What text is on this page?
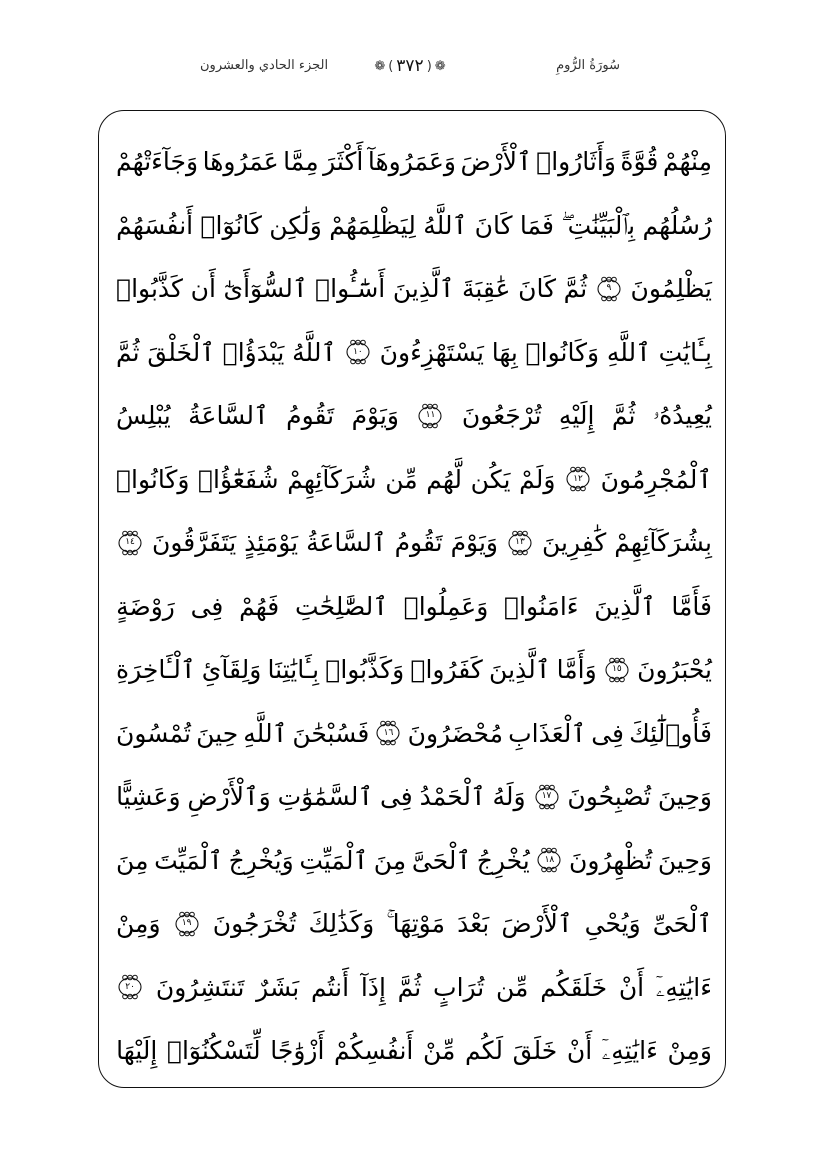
الجزء الحادي والعشرون	❁ ( ٣٧٢ ) ❁	سُورَةُ الرُّومِ
مِنْهُمْ
قُوَّةً
وَأَثَارُوا۟
ٱلْأَرْضَ
وَعَمَرُوهَآ
أَكْثَرَ
مِمَّا
عَمَرُوهَا
وَجَآءَتْهُمْ
رُسُلُهُم
بِٱلْبَيِّنَٰتِ ۖ
فَمَا
كَانَ
ٱللَّهُ
لِيَظْلِمَهُمْ
وَلَٰكِن
كَانُوٓا۟
أَنفُسَهُمْ
يَظْلِمُونَ
٩
ثُمَّ
كَانَ
عَٰقِبَةَ
ٱلَّذِينَ
أَسَٰٓـُٔوا۟
ٱلسُّوٓأَىٰٓ
أَن
كَذَّبُوا۟
بِـَٔايَٰتِ
ٱللَّهِ
وَكَانُوا۟
بِهَا
يَسْتَهْزِءُونَ
١٠
ٱللَّهُ
يَبْدَؤُا۟
ٱلْخَلْقَ
ثُمَّ
يُعِيدُهُۥ
ثُمَّ
إِلَيْهِ
تُرْجَعُونَ
١١
وَيَوْمَ
تَقُومُ
ٱلسَّاعَةُ
يُبْلِسُ
ٱلْمُجْرِمُونَ
١٢
وَلَمْ
يَكُن
لَّهُم
مِّن
شُرَكَآئِهِمْ
شُفَعَٰٓؤُا۟
وَكَانُوا۟
بِشُرَكَآئِهِمْ
كَٰفِرِينَ
١٣
وَيَوْمَ
تَقُومُ
ٱلسَّاعَةُ
يَوْمَئِذٍ
يَتَفَرَّقُونَ
١٤
فَأَمَّا
ٱلَّذِينَ
ءَامَنُوا۟
وَعَمِلُوا۟
ٱلصَّٰلِحَٰتِ
فَهُمْ
فِى
رَوْضَةٍ
يُحْبَرُونَ
١٥
وَأَمَّا
ٱلَّذِينَ
كَفَرُوا۟
وَكَذَّبُوا۟
بِـَٔايَٰتِنَا
وَلِقَآئِ
ٱلْـَٔاخِرَةِ
فَأُو۟لَٰٓئِكَ
فِى
ٱلْعَذَابِ
مُحْضَرُونَ
١٦
فَسُبْحَٰنَ
ٱللَّهِ
حِينَ
تُمْسُونَ
وَحِينَ
تُصْبِحُونَ
١٧
وَلَهُ
ٱلْحَمْدُ
فِى
ٱلسَّمَٰوَٰتِ
وَٱلْأَرْضِ
وَعَشِيًّا
وَحِينَ
تُظْهِرُونَ
١٨
يُخْرِجُ
ٱلْحَىَّ
مِنَ
ٱلْمَيِّتِ
وَيُخْرِجُ
ٱلْمَيِّتَ
مِنَ
ٱلْحَىِّ
وَيُحْىِ
ٱلْأَرْضَ
بَعْدَ
مَوْتِهَا ۚ
وَكَذَٰلِكَ
تُخْرَجُونَ
١٩
وَمِنْ
ءَايَٰتِهِۦٓ
أَنْ
خَلَقَكُم
مِّن
تُرَابٍ
ثُمَّ
إِذَآ
أَنتُم
بَشَرٌ
تَنتَشِرُونَ
٢٠
وَمِنْ
ءَايَٰتِهِۦٓ
أَنْ
خَلَقَ
لَكُم
مِّنْ
أَنفُسِكُمْ
أَزْوَٰجًا
لِّتَسْكُنُوٓا۟
إِلَيْهَا
